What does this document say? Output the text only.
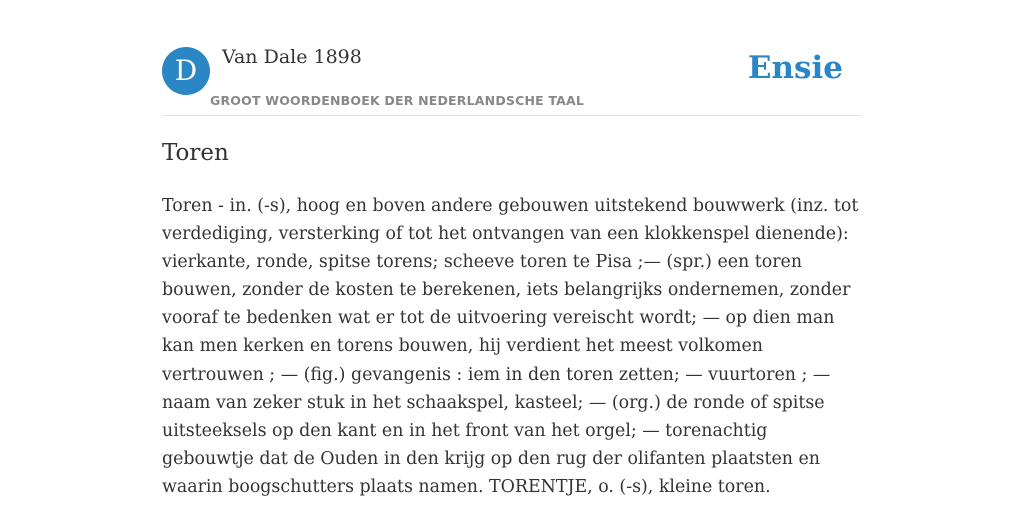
D	Van Dale 1898
GROOT WOORDENBOEK DER NEDERLANDSCHE TAAL
Ensie
Toren

Toren - in. (-s), hoog en boven andere gebouwen uitstekend bouwwerk (inz. tot verdediging, versterking of tot het ontvangen van een klokkenspel dienende): vierkante, ronde, spitse torens; scheeve toren te Pisa ;— (spr.) een toren bouwen, zonder de kosten te berekenen, iets belangrijks ondernemen, zonder vooraf te bedenken wat er tot de uitvoering vereischt wordt; — op dien man kan men kerken en torens bouwen, hij verdient het meest volkomen vertrouwen ; — (fig.) gevangenis : iem in den toren zetten; — vuurtoren ; — naam van zeker stuk in het schaakspel, kasteel; — (org.) de ronde of spitse uitsteeksels op den kant en in het front van het orgel; — torenachtig gebouwtje dat de Ouden in den krijg op den rug der olifanten plaatsten en waarin boogschutters plaats namen. TORENTJE, o. (-s), kleine toren.
